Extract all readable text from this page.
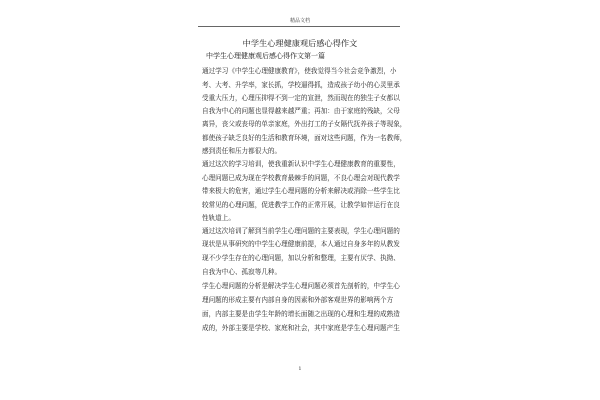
精品文档
中学生心理健康观后感心得作文
中学生心理健康观后感心得作文第一篇
通过学习《中学生心理健康教育》，使我觉得当今社会竞争激烈，小
考、大考、升学率，家长抓，学校逼得抓，造成孩子幼小的心灵里承
受重大压力，心理压抑得不到一定的宣泄，然而现在的独生子女都以
自我为中心的问题也显得越来越严重；再加：由于家庭的残缺，父母
离异，丧父或丧母的单亲家庭，外出打工的子女隔代抚养孩子等现象，
都使孩子缺乏良好的生活和教育环境，面对这些问题，作为一名教师，
感到责任和压力都很大的。
通过这次的学习培训，使我重新认识中学生心理健康教育的重要性，
心理问题已成为现在学校教育最棘手的问题，不良心理会对现代教学
带来极大的危害，通过学生心理问题的分析来解决或消除一些学生比
较常见的心理问题，促进教学工作的正常开展，让教学如伴运行在良
性轨道上。
通过这次培训了解到当前学生心理问题的主要表现，学生心理问题的
现状是从事研究的中学生心理健康前提，本人通过自身多年的从教发
现不少学生存在的心理问题，加以分析和整理，主要有厌学、执拗、
自我为中心、孤寂等几种。
学生心理问题的分析是解决学生心理问题必须首先剖析的，中学生心
理问题的形成主要有内部自身的因素和外部客观世界的影响两个方
面，内部主要是由学生年龄的增长面随之出现的心理和生理的成熟造
成的，外部主要是学校、家庭和社会，其中家庭是学生心理问题产生
1
